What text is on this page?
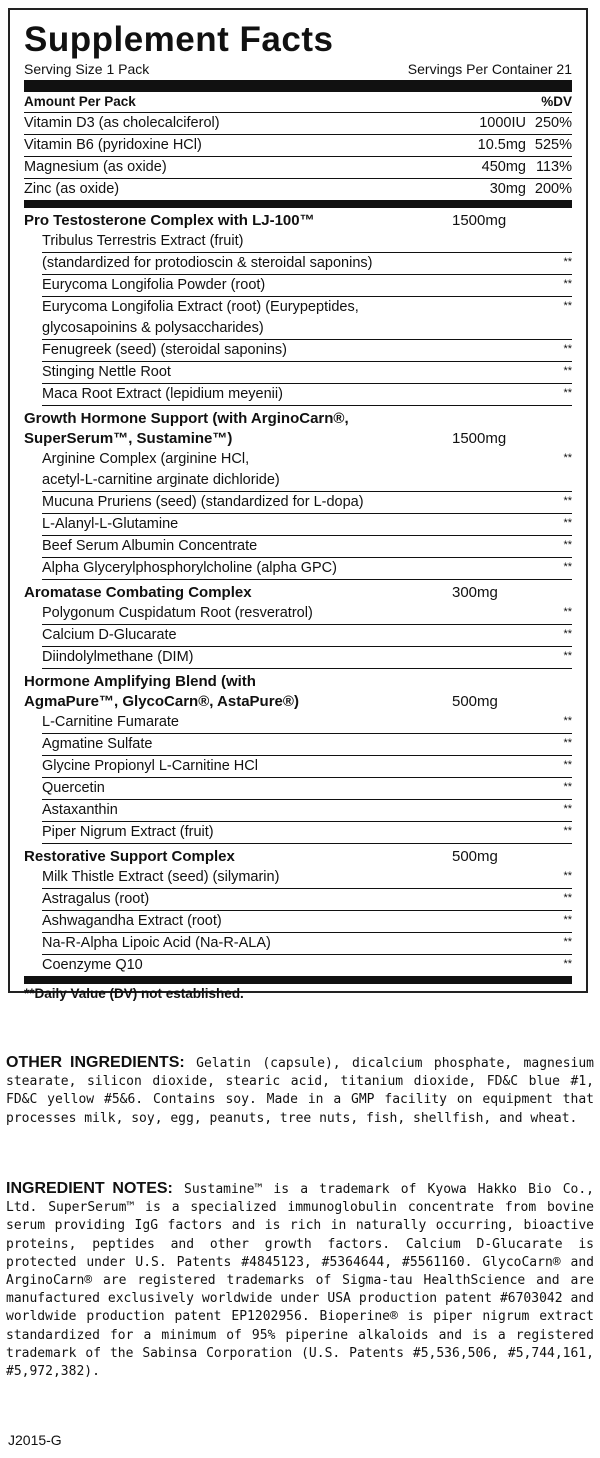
Supplement Facts
Serving Size 1 Pack	Servings Per Container 21
Amount Per Pack	%DV
Vitamin D3 (as cholecalciferol)	1000IU 250%
Vitamin B6 (pyridoxine HCl)	10.5mg 525%
Magnesium (as oxide)	450mg 113%
Zinc (as oxide)	30mg 200%
Pro Testosterone Complex with LJ-100™	1500mg
Tribulus Terrestris Extract (fruit)
(standardized for protodioscin & steroidal saponins)	**
Eurycoma Longifolia Powder (root)	**
Eurycoma Longifolia Extract (root) (Eurypeptides,	**
glycosapoinins & polysaccharides)
Fenugreek (seed) (steroidal saponins)	**
Stinging Nettle Root	**
Maca Root Extract (lepidium meyenii)	**
Growth Hormone Support (with ArginoCarn®,
SuperSerum™, Sustamine™)	1500mg
Arginine Complex (arginine HCl,	**
acetyl-L-carnitine arginate dichloride)
Mucuna Pruriens (seed) (standardized for L-dopa)	**
L-Alanyl-L-Glutamine	**
Beef Serum Albumin Concentrate	**
Alpha Glycerylphosphorylcholine (alpha GPC)	**
Aromatase Combating Complex	300mg
Polygonum Cuspidatum Root (resveratrol)	**
Calcium D-Glucarate	**
Diindolylmethane (DIM)	**
Hormone Amplifying Blend (with
AgmaPure™, GlycoCarn®, AstaPure®)	500mg
L-Carnitine Fumarate	**
Agmatine Sulfate	**
Glycine Propionyl L-Carnitine HCl	**
Quercetin	**
Astaxanthin	**
Piper Nigrum Extract (fruit)	**
Restorative Support Complex	500mg
Milk Thistle Extract (seed) (silymarin)	**
Astragalus (root)	**
Ashwagandha Extract (root)	**
Na-R-Alpha Lipoic Acid (Na-R-ALA)	**
Coenzyme Q10	**
**Daily Value (DV) not established.
OTHER INGREDIENTS: Gelatin (capsule), dicalcium phosphate, magnesium stearate, silicon dioxide, stearic acid, titanium dioxide, FD&C blue #1, FD&C yellow #5&6. Contains soy. Made in a GMP facility on equipment that processes milk, soy, egg, peanuts, tree nuts, fish, shellfish, and wheat.
INGREDIENT NOTES: Sustamine™ is a trademark of Kyowa Hakko Bio Co., Ltd. SuperSerum™ is a specialized immunoglobulin concentrate from bovine serum providing IgG factors and is rich in naturally occurring, bioactive proteins, peptides and other growth factors. Calcium D-Glucarate is protected under U.S. Patents #4845123, #5364644, #5561160. GlycoCarn® and ArginoCarn® are registered trademarks of Sigma-tau HealthScience and are manufactured exclusively worldwide under USA production patent #6703042 and worldwide production patent EP1202956. Bioperine® is piper nigrum extract standardized for a minimum of 95% piperine alkaloids and is a registered trademark of the Sabinsa Corporation (U.S. Patents #5,536,506, #5,744,161, #5,972,382).
J2015-G
